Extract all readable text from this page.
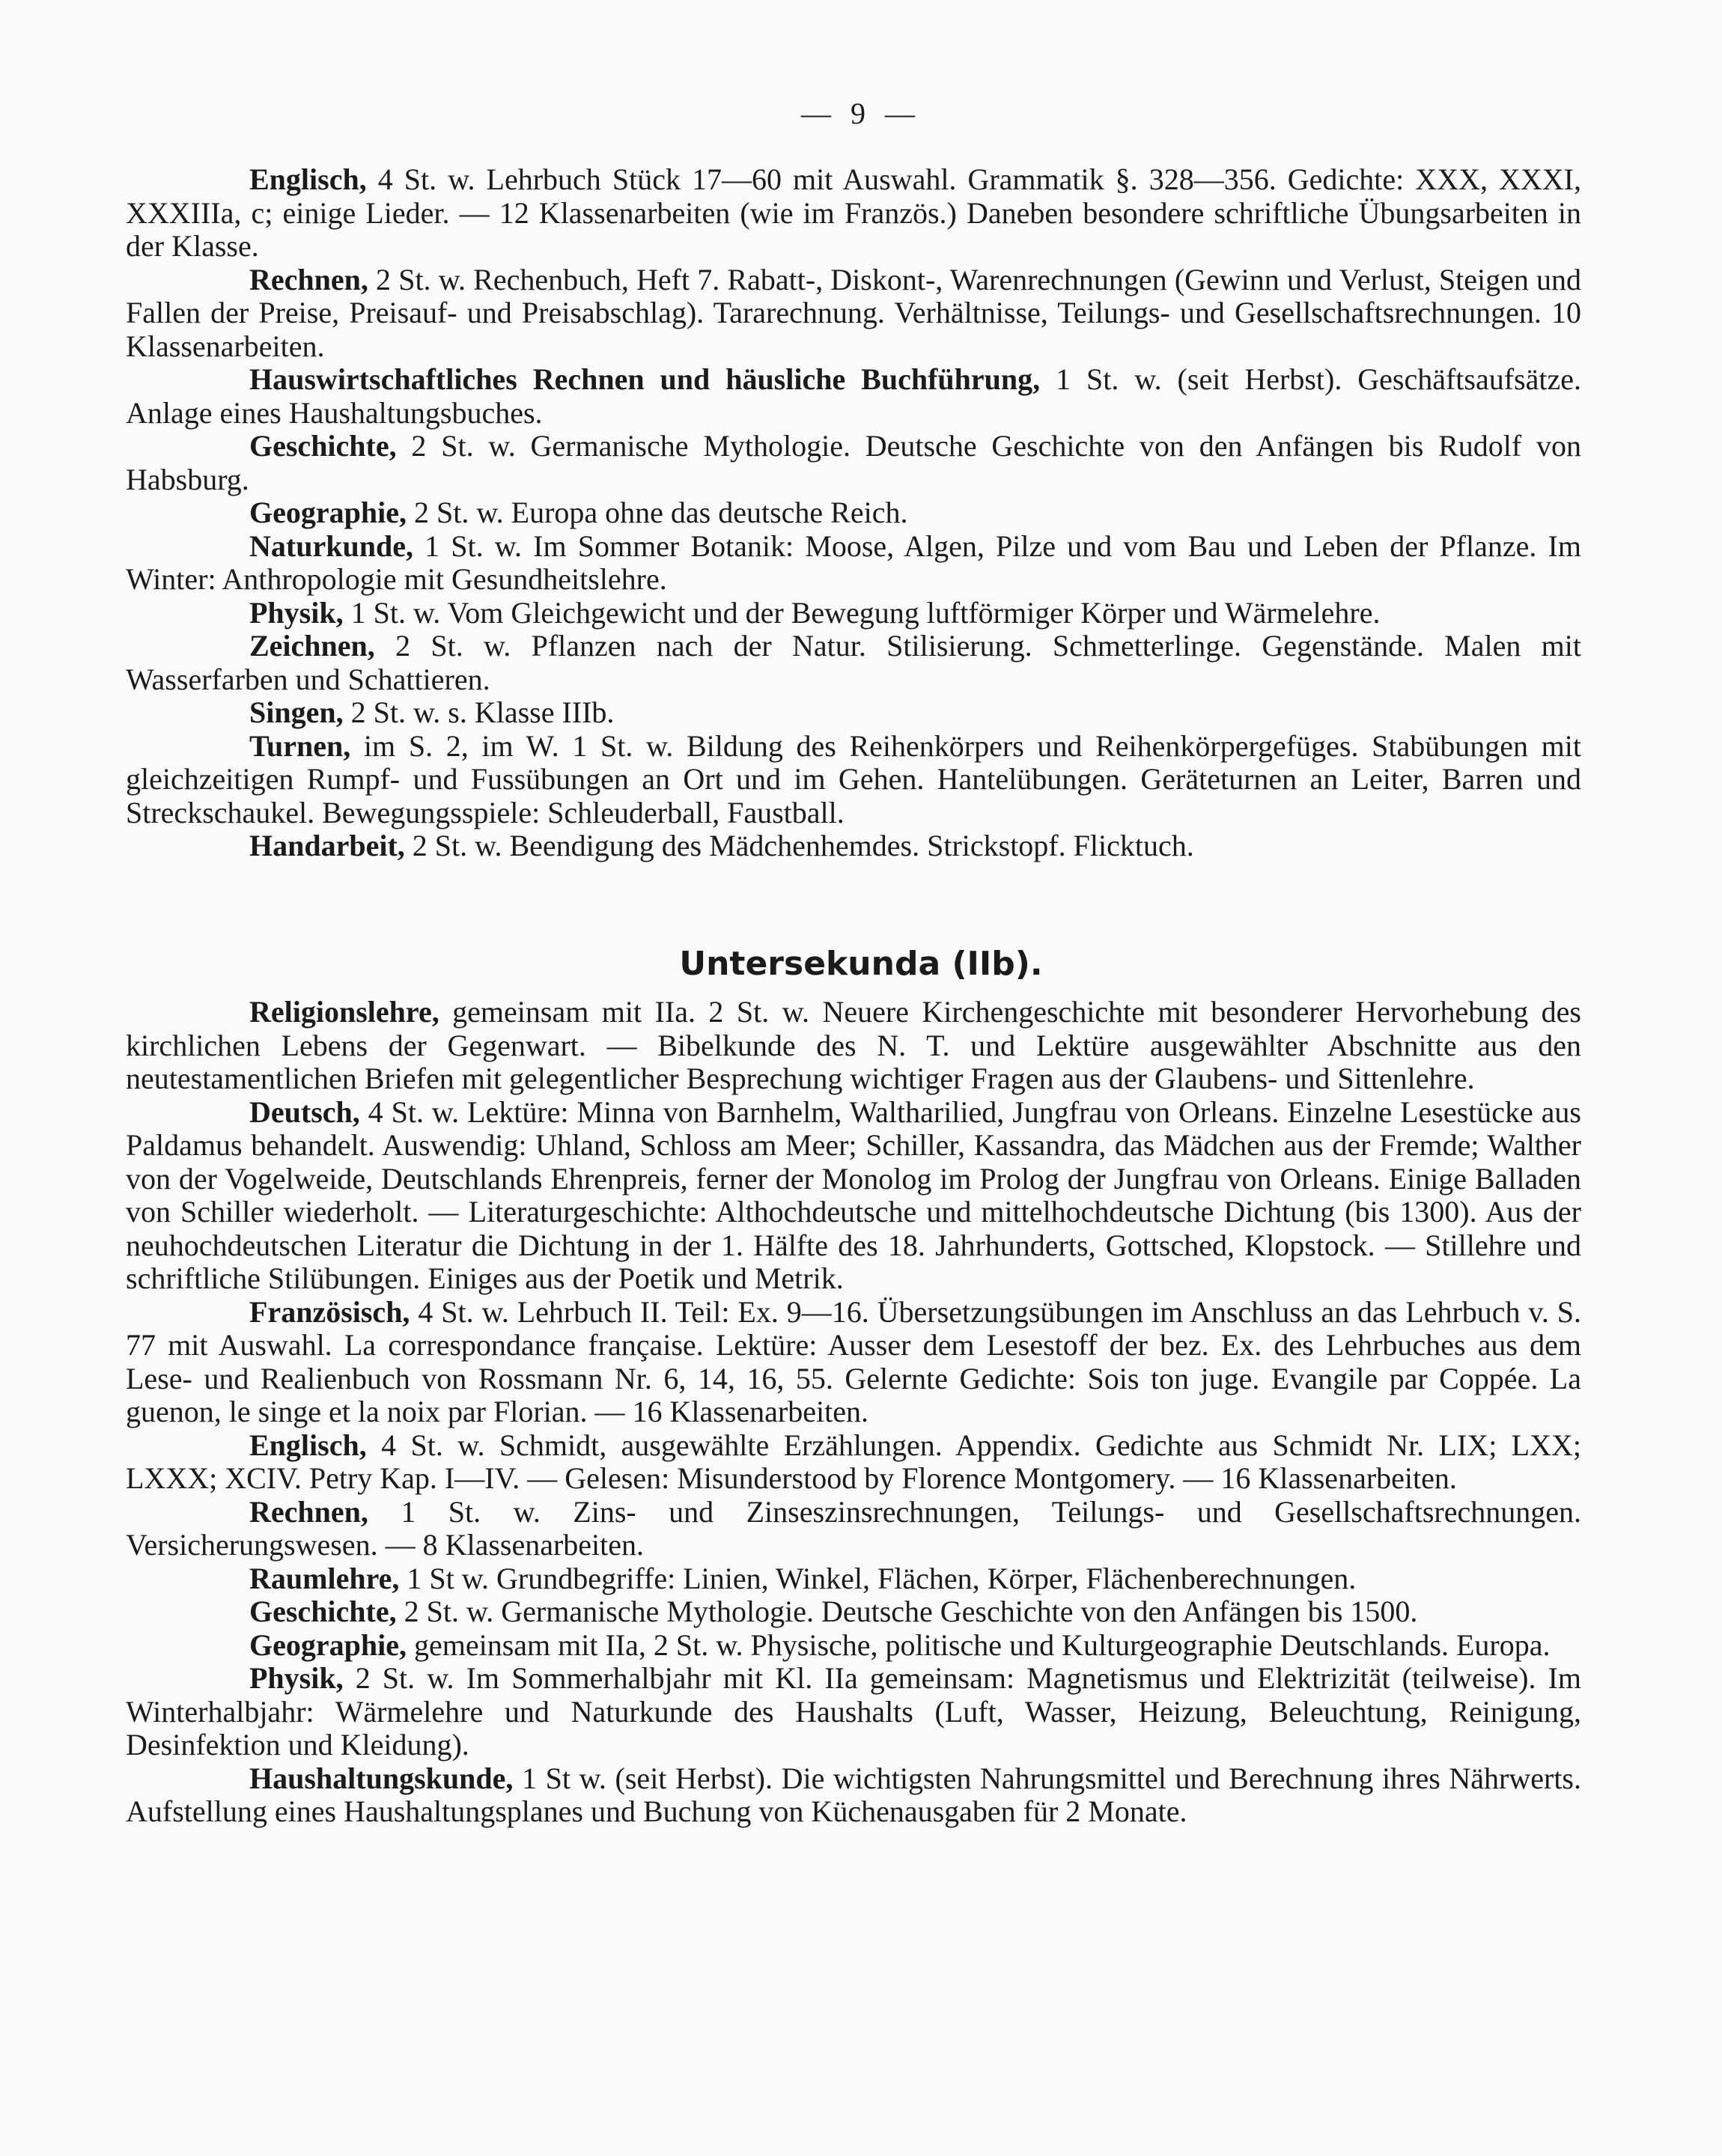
— 9 —

Englisch, 4 St. w. Lehrbuch Stück 17—60 mit Auswahl. Grammatik §. 328—356. Gedichte: XXX, XXXI, XXXIIIa, c; einige Lieder. — 12 Klassenarbeiten (wie im Französ.) Daneben besondere schriftliche Übungsarbeiten in der Klasse.

Rechnen, 2 St. w. Rechenbuch, Heft 7. Rabatt-, Diskont-, Warenrechnungen (Gewinn und Verlust, Steigen und Fallen der Preise, Preisauf- und Preisabschlag). Tararechnung. Verhältnisse, Teilungs- und Gesellschaftsrechnungen. 10 Klassenarbeiten.

Hauswirtschaftliches Rechnen und häusliche Buchführung, 1 St. w. (seit Herbst). Geschäftsaufsätze. Anlage eines Haushaltungsbuches.

Geschichte, 2 St. w. Germanische Mythologie. Deutsche Geschichte von den Anfängen bis Rudolf von Habsburg.

Geographie, 2 St. w. Europa ohne das deutsche Reich.

Naturkunde, 1 St. w. Im Sommer Botanik: Moose, Algen, Pilze und vom Bau und Leben der Pflanze. Im Winter: Anthropologie mit Gesundheitslehre.

Physik, 1 St. w. Vom Gleichgewicht und der Bewegung luftförmiger Körper und Wärmelehre.

Zeichnen, 2 St. w. Pflanzen nach der Natur. Stilisierung. Schmetterlinge. Gegenstände. Malen mit Wasserfarben und Schattieren.

Singen, 2 St. w. s. Klasse IIIb.

Turnen, im S. 2, im W. 1 St. w. Bildung des Reihenkörpers und Reihenkörpergefüges. Stabübungen mit gleichzeitigen Rumpf- und Fussübungen an Ort und im Gehen. Hantelübungen. Geräteturnen an Leiter, Barren und Streckschaukel. Bewegungsspiele: Schleuderball, Faustball.

Handarbeit, 2 St. w. Beendigung des Mädchenhemdes. Strickstopf. Flicktuch.

Untersekunda (IIb).

Religionslehre, gemeinsam mit IIa. 2 St. w. Neuere Kirchengeschichte mit besonderer Hervorhebung des kirchlichen Lebens der Gegenwart. — Bibelkunde des N. T. und Lektüre ausgewählter Abschnitte aus den neutestamentlichen Briefen mit gelegentlicher Besprechung wichtiger Fragen aus der Glaubens- und Sittenlehre.

Deutsch, 4 St. w. Lektüre: Minna von Barnhelm, Waltharilied, Jungfrau von Orleans. Einzelne Lesestücke aus Paldamus behandelt. Auswendig: Uhland, Schloss am Meer; Schiller, Kassandra, das Mädchen aus der Fremde; Walther von der Vogelweide, Deutschlands Ehrenpreis, ferner der Monolog im Prolog der Jungfrau von Orleans. Einige Balladen von Schiller wiederholt. — Literaturgeschichte: Althochdeutsche und mittelhochdeutsche Dichtung (bis 1300). Aus der neuhochdeutschen Literatur die Dichtung in der 1. Hälfte des 18. Jahrhunderts, Gottsched, Klopstock. — Stillehre und schriftliche Stilübungen. Einiges aus der Poetik und Metrik.

Französisch, 4 St. w. Lehrbuch II. Teil: Ex. 9—16. Übersetzungsübungen im Anschluss an das Lehrbuch v. S. 77 mit Auswahl. La correspondance française. Lektüre: Ausser dem Lesestoff der bez. Ex. des Lehrbuches aus dem Lese- und Realienbuch von Rossmann Nr. 6, 14, 16, 55. Gelernte Gedichte: Sois ton juge. Evangile par Coppée. La guenon, le singe et la noix par Florian. — 16 Klassenarbeiten.

Englisch, 4 St. w. Schmidt, ausgewählte Erzählungen. Appendix. Gedichte aus Schmidt Nr. LIX; LXX; LXXX; XCIV. Petry Kap. I—IV. — Gelesen: Misunderstood by Florence Montgomery. — 16 Klassenarbeiten.

Rechnen, 1 St. w. Zins- und Zinseszinsrechnungen, Teilungs- und Gesellschaftsrechnungen. Versicherungswesen. — 8 Klassenarbeiten.

Raumlehre, 1 St w. Grundbegriffe: Linien, Winkel, Flächen, Körper, Flächenberechnungen.

Geschichte, 2 St. w. Germanische Mythologie. Deutsche Geschichte von den Anfängen bis 1500.

Geographie, gemeinsam mit IIa, 2 St. w. Physische, politische und Kulturgeographie Deutschlands. Europa.

Physik, 2 St. w. Im Sommerhalbjahr mit Kl. IIa gemeinsam: Magnetismus und Elektrizität (teilweise). Im Winterhalbjahr: Wärmelehre und Naturkunde des Haushalts (Luft, Wasser, Heizung, Beleuchtung, Reinigung, Desinfektion und Kleidung).

Haushaltungskunde, 1 St w. (seit Herbst). Die wichtigsten Nahrungsmittel und Berechnung ihres Nährwerts. Aufstellung eines Haushaltungsplanes und Buchung von Küchenausgaben für 2 Monate.
